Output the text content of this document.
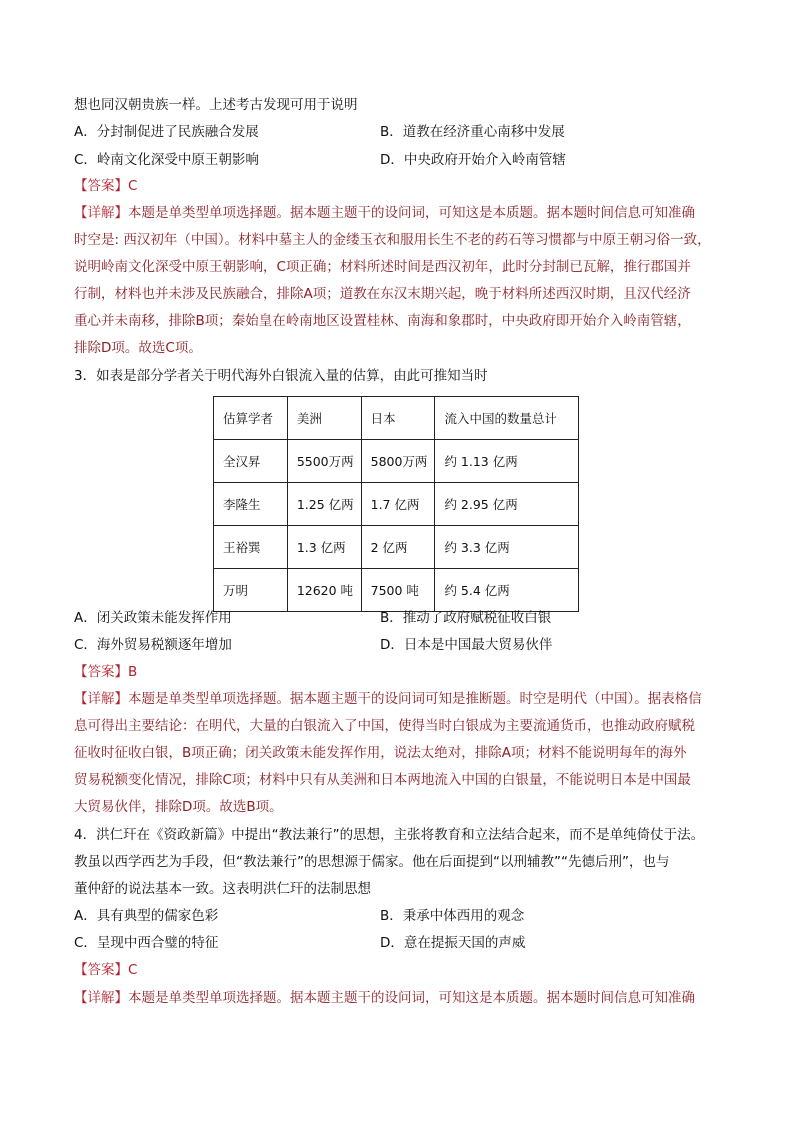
想也同汉朝贵族一样。上述考古发现可用于说明
A．分封制促进了民族融合发展	B．道教在经济重心南移中发展
C．岭南文化深受中原王朝影响	D．中央政府开始介入岭南管辖
【答案】C
【详解】本题是单类型单项选择题。据本题主题干的设问词，可知这是本质题。据本题时间信息可知准确
时空是: 西汉初年（中国）。材料中墓主人的金缕玉衣和服用长生不老的药石等习惯都与中原王朝习俗一致，
说明岭南文化深受中原王朝影响，C项正确；材料所述时间是西汉初年，此时分封制已瓦解，推行郡国并
行制，材料也并未涉及民族融合，排除A项；道教在东汉末期兴起，晚于材料所述西汉时期，且汉代经济
重心并未南移，排除B项；秦始皇在岭南地区设置桂林、南海和象郡时，中央政府即开始介入岭南管辖，
排除D项。故选C项。
3．如表是部分学者关于明代海外白银流入量的估算，由此可推知当时
估算学者	美洲	日本	流入中国的数量总计
全汉昇	5500万两	5800万两	约 1.13 亿两
李隆生	1.25 亿两	1.7 亿两	约 2.95 亿两
王裕巽	1.3 亿两	2 亿两	约 3.3 亿两
万明	12620 吨	7500 吨	约 5.4 亿两
A．闭关政策未能发挥作用	B．推动了政府赋税征收白银
C．海外贸易税额逐年增加	D．日本是中国最大贸易伙伴
【答案】B
【详解】本题是单类型单项选择题。据本题主题干的设问词可知是推断题。时空是明代（中国）。据表格信
息可得出主要结论：在明代，大量的白银流入了中国，使得当时白银成为主要流通货币，也推动政府赋税
征收时征收白银，B项正确；闭关政策未能发挥作用，说法太绝对，排除A项；材料不能说明每年的海外
贸易税额变化情况，排除C项；材料中只有从美洲和日本两地流入中国的白银量，不能说明日本是中国最
大贸易伙伴，排除D项。故选B项。
4．洪仁玕在《资政新篇》中提出“教法兼行”的思想，主张将教育和立法结合起来，而不是单纯倚仗于法。
教虽以西学西艺为手段，但“教法兼行”的思想源于儒家。他在后面提到“以刑辅教”“先德后刑”，也与
董仲舒的说法基本一致。这表明洪仁玕的法制思想
A．具有典型的儒家色彩	B．秉承中体西用的观念
C．呈现中西合璧的特征	D．意在提振天国的声威
【答案】C
【详解】本题是单类型单项选择题。据本题主题干的设问词，可知这是本质题。据本题时间信息可知准确
